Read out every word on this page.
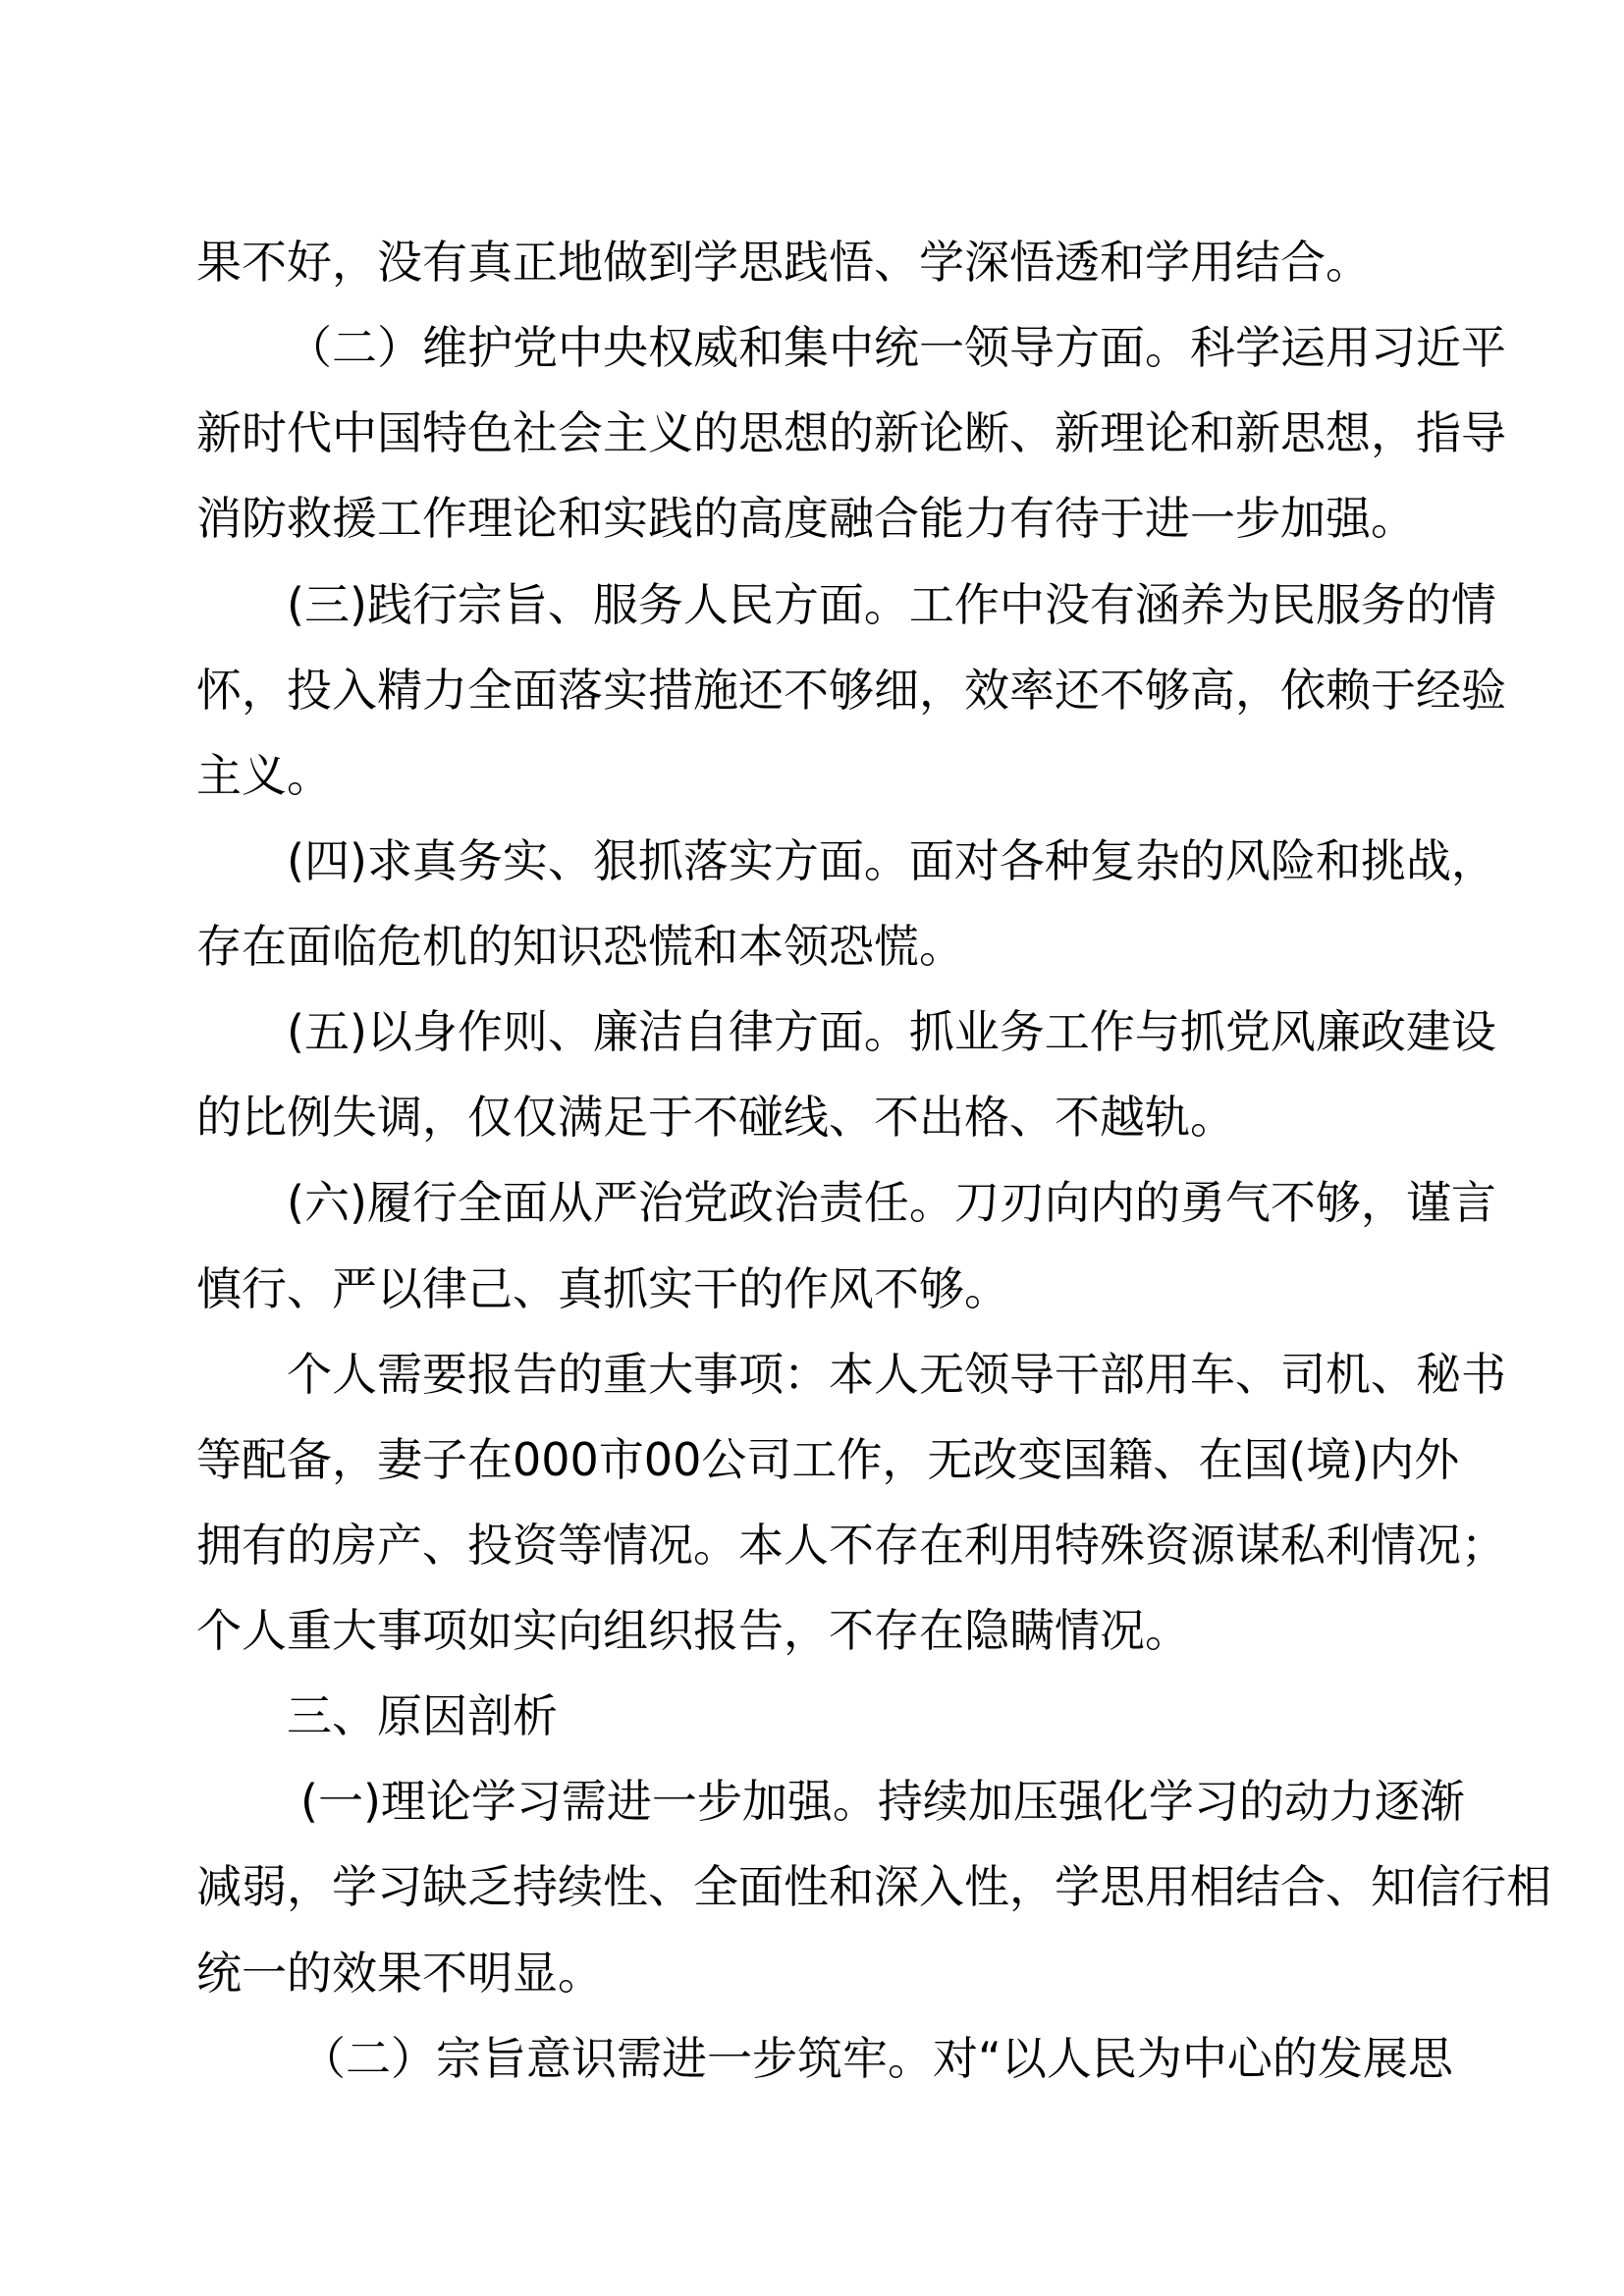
果不好，没有真正地做到学思践悟、学深悟透和学用结合。
（二）维护党中央权威和集中统一领导方面。科学运用习近平
新时代中国特色社会主义的思想的新论断、新理论和新思想，指导
消防救援工作理论和实践的高度融合能力有待于进一步加强。
(三)践行宗旨、服务人民方面。工作中没有涵养为民服务的情
怀，投入精力全面落实措施还不够细，效率还不够高，依赖于经验
主义。
(四)求真务实、狠抓落实方面。面对各种复杂的风险和挑战，
存在面临危机的知识恐慌和本领恐慌。
(五)以身作则、廉洁自律方面。抓业务工作与抓党风廉政建设
的比例失调，仅仅满足于不碰线、不出格、不越轨。
(六)履行全面从严治党政治责任。刀刃向内的勇气不够，谨言
慎行、严以律己、真抓实干的作风不够。
个人需要报告的重大事项：本人无领导干部用车、司机、秘书
等配备，妻子在000市00公司工作，无改变国籍、在国(境)内外
拥有的房产、投资等情况。本人不存在利用特殊资源谋私利情况；
个人重大事项如实向组织报告，不存在隐瞒情况。
三、原因剖析
(一)理论学习需进一步加强。持续加压强化学习的动力逐渐
减弱，学习缺乏持续性、全面性和深入性，学思用相结合、知信行相
统一的效果不明显。
（二）宗旨意识需进一步筑牢。对“以人民为中心的发展思
